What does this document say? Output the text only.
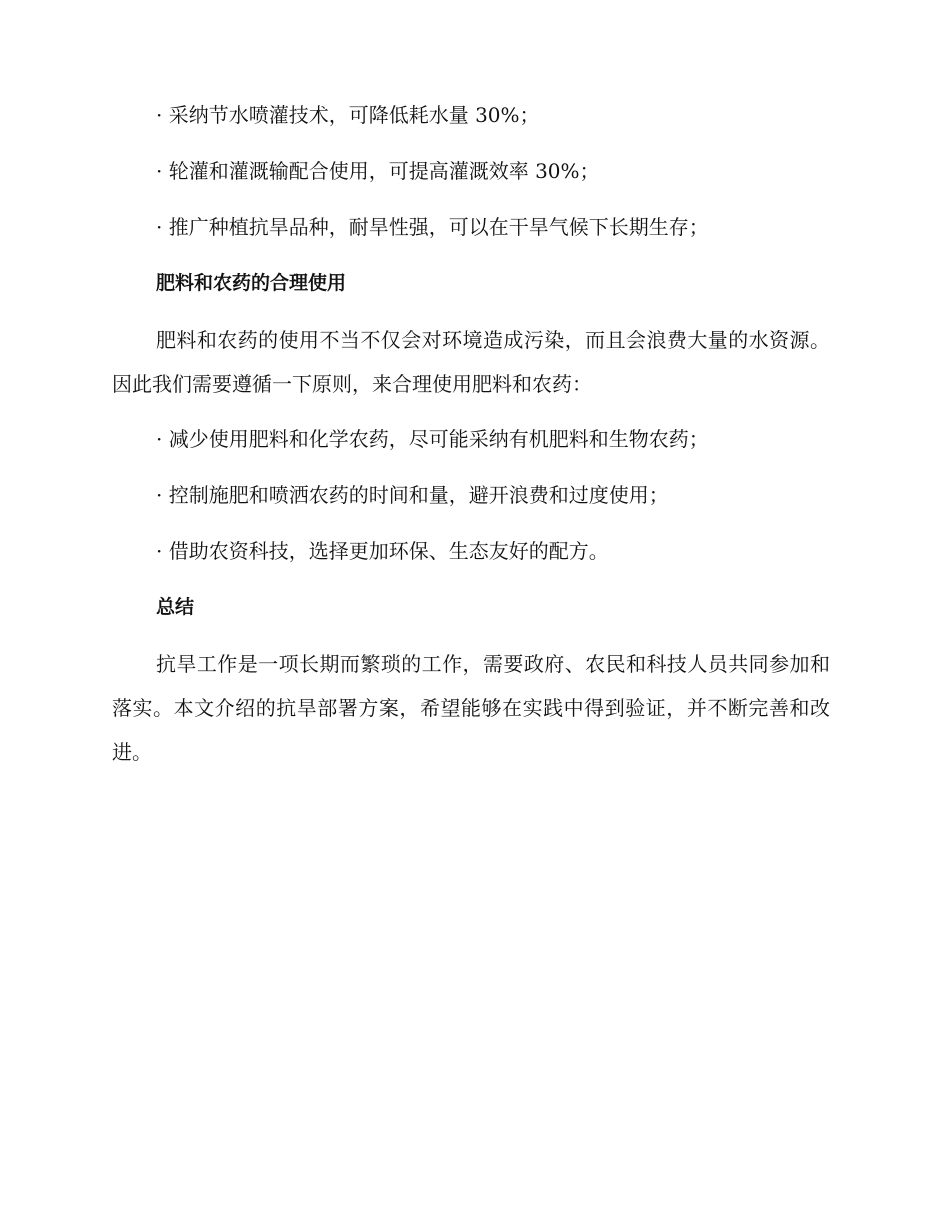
· 采纳节水喷灌技术，可降低耗水量 30%；
· 轮灌和灌溉输配合使用，可提高灌溉效率 30%；
· 推广种植抗旱品种，耐旱性强，可以在干旱气候下长期生存；
肥料和农药的合理使用

肥料和农药的使用不当不仅会对环境造成污染，而且会浪费大量的水资源。因此我们需要遵循一下原则，来合理使用肥料和农药：

· 减少使用肥料和化学农药，尽可能采纳有机肥料和生物农药；
· 控制施肥和喷洒农药的时间和量，避开浪费和过度使用；
· 借助农资科技，选择更加环保、生态友好的配方。
总结

抗旱工作是一项长期而繁琐的工作，需要政府、农民和科技人员共同参加和落实。本文介绍的抗旱部署方案，希望能够在实践中得到验证，并不断完善和改进。
